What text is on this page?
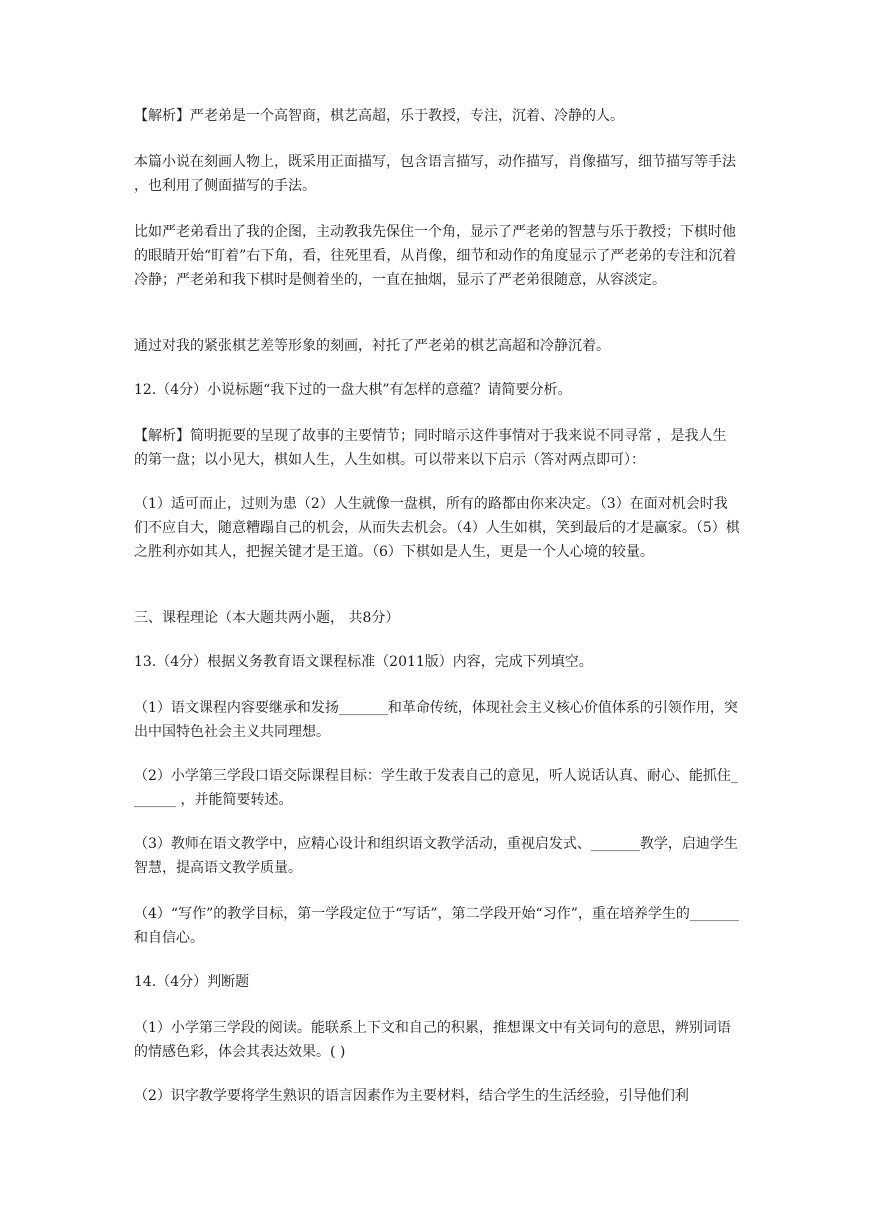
【解析】严老弟是一个高智商，棋艺高超，乐于教授，专注，沉着、冷静的人。

本篇小说在刻画人物上，既采用正面描写，包含语言描写，动作描写，肖像描写，细节描写等手法 ，也利用了侧面描写的手法。

比如严老弟看出了我的企图，主动教我先保住一个角，显示了严老弟的智慧与乐于教授；下棋时他的眼睛开始“盯着”右下角，看，往死里看，从肖像，细节和动作的角度显示了严老弟的专注和沉着冷静；严老弟和我下棋时是侧着坐的，一直在抽烟，显示了严老弟很随意，从容淡定。

通过对我的紧张棋艺差等形象的刻画，衬托了严老弟的棋艺高超和冷静沉着。

12.（4分）小说标题“我下过的一盘大棋”有怎样的意蕴？请简要分析。

【解析】简明扼要的呈现了故事的主要情节；同时暗示这件事情对于我来说不同寻常 ，是我人生的第一盘；以小见大，棋如人生，人生如棋。可以带来以下启示（答对两点即可）：

（1）适可而止，过则为患（2）人生就像一盘棋，所有的路都由你来决定。（3）在面对机会时我们不应自大，随意糟蹋自己的机会，从而失去机会。（4）人生如棋，笑到最后的才是赢家。（5）棋之胜利亦如其人，把握关键才是王道。（6）下棋如是人生，更是一个人心境的较量。

三、课程理论（本大题共两小题， 共8分）

13.（4分）根据义务教育语文课程标准（2011版）内容，完成下列填空。

（1）语文课程内容要继承和发扬_______和革命传统，体现社会主义核心价值体系的引领作用，突出中国特色社会主义共同理想。

（2）小学第三学段口语交际课程目标：学生敢于发表自己的意见，听人说话认真、耐心、能抓住_______ ，并能简要转述。

（3）教师在语文教学中，应精心设计和组织语文教学活动，重视启发式、_______教学，启迪学生智慧，提高语文教学质量。

（4）“写作”的教学目标，第一学段定位于“写话”，第二学段开始“习作”，重在培养学生的_______和自信心。

14.（4分）判断题

（1）小学第三学段的阅读。能联系上下文和自己的积累，推想课文中有关词句的意思，辨别词语的情感色彩，体会其表达效果。( )

（2）识字教学要将学生熟识的语言因素作为主要材料，结合学生的生活经验，引导他们利
